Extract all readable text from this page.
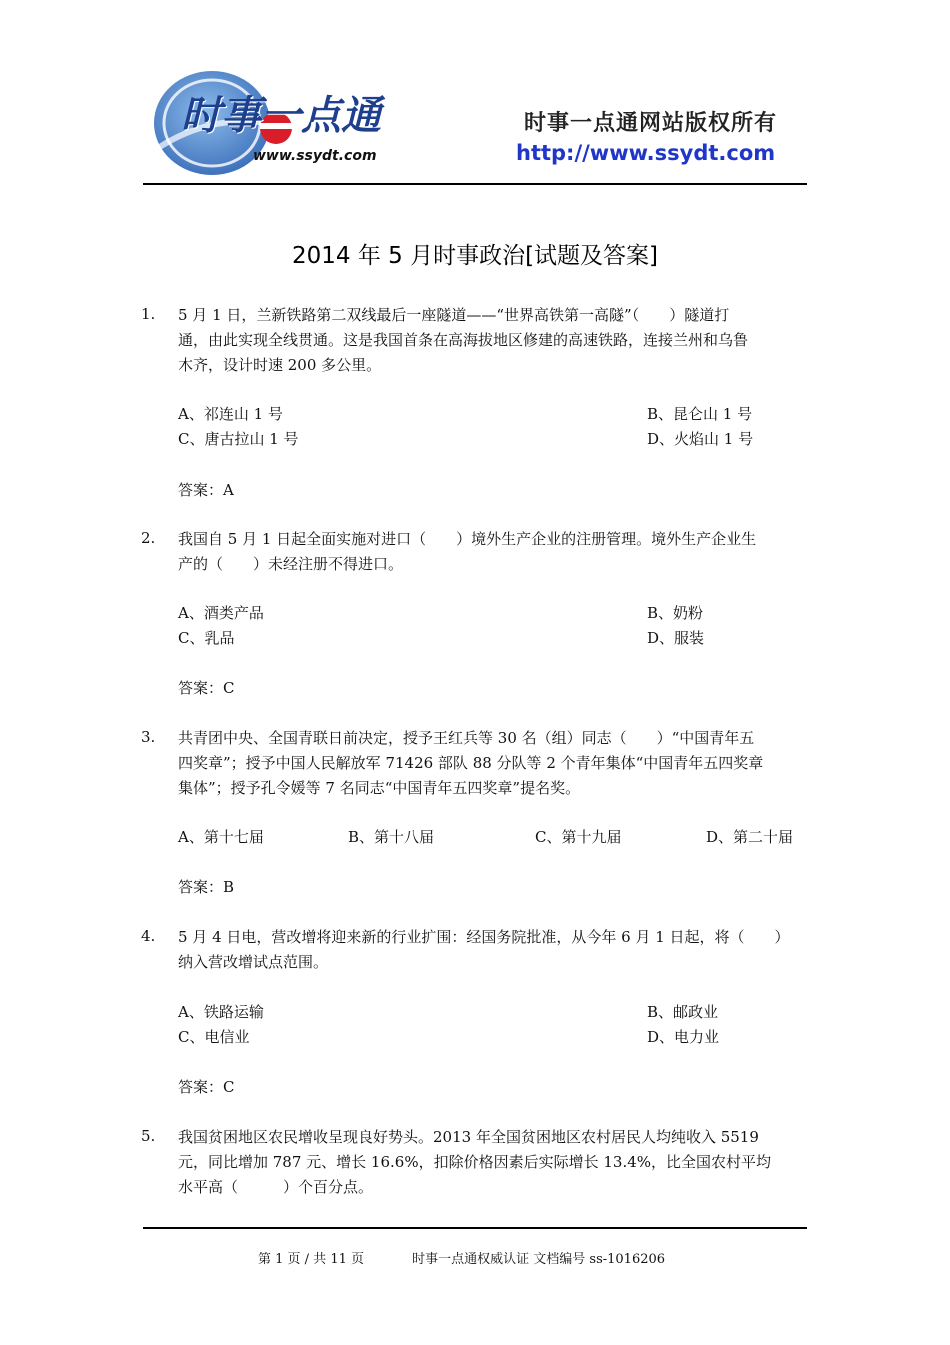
时事一点通
www.ssydt.com
时事一点通网站版权所有
http://www.ssydt.com
2014 年 5 月时事政治[试题及答案]
1. 5 月 1 日，兰新铁路第二双线最后一座隧道——“世界高铁第一高隧”（　　）隧道打
通，由此实现全线贯通。这是我国首条在高海拔地区修建的高速铁路，连接兰州和乌鲁
木齐，设计时速 200 多公里。
A、祁连山 1 号	B、昆仑山 1 号
C、唐古拉山 1 号	D、火焰山 1 号
答案：A
2. 我国自 5 月 1 日起全面实施对进口（　　）境外生产企业的注册管理。境外生产企业生
产的（　　）未经注册不得进口。
A、酒类产品	B、奶粉
C、乳品	D、服装
答案：C
3. 共青团中央、全国青联日前决定，授予王红兵等 30 名（组）同志（　　）“中国青年五
四奖章”；授予中国人民解放军 71426 部队 88 分队等 2 个青年集体“中国青年五四奖章
集体”；授予孔令媛等 7 名同志“中国青年五四奖章”提名奖。
A、第十七届	B、第十八届	C、第十九届	D、第二十届
答案：B
4. 5 月 4 日电，营改增将迎来新的行业扩围：经国务院批准，从今年 6 月 1 日起，将（　　）
纳入营改增试点范围。
A、铁路运输	B、邮政业
C、电信业	D、电力业
答案：C
5. 我国贫困地区农民增收呈现良好势头。2013 年全国贫困地区农村居民人均纯收入 5519
元，同比增加 787 元、增长 16.6%，扣除价格因素后实际增长 13.4%，比全国农村平均
水平高（　　　）个百分点。
第 1 页 / 共 11 页	时事一点通权威认证 文档编号 ss-1016206
